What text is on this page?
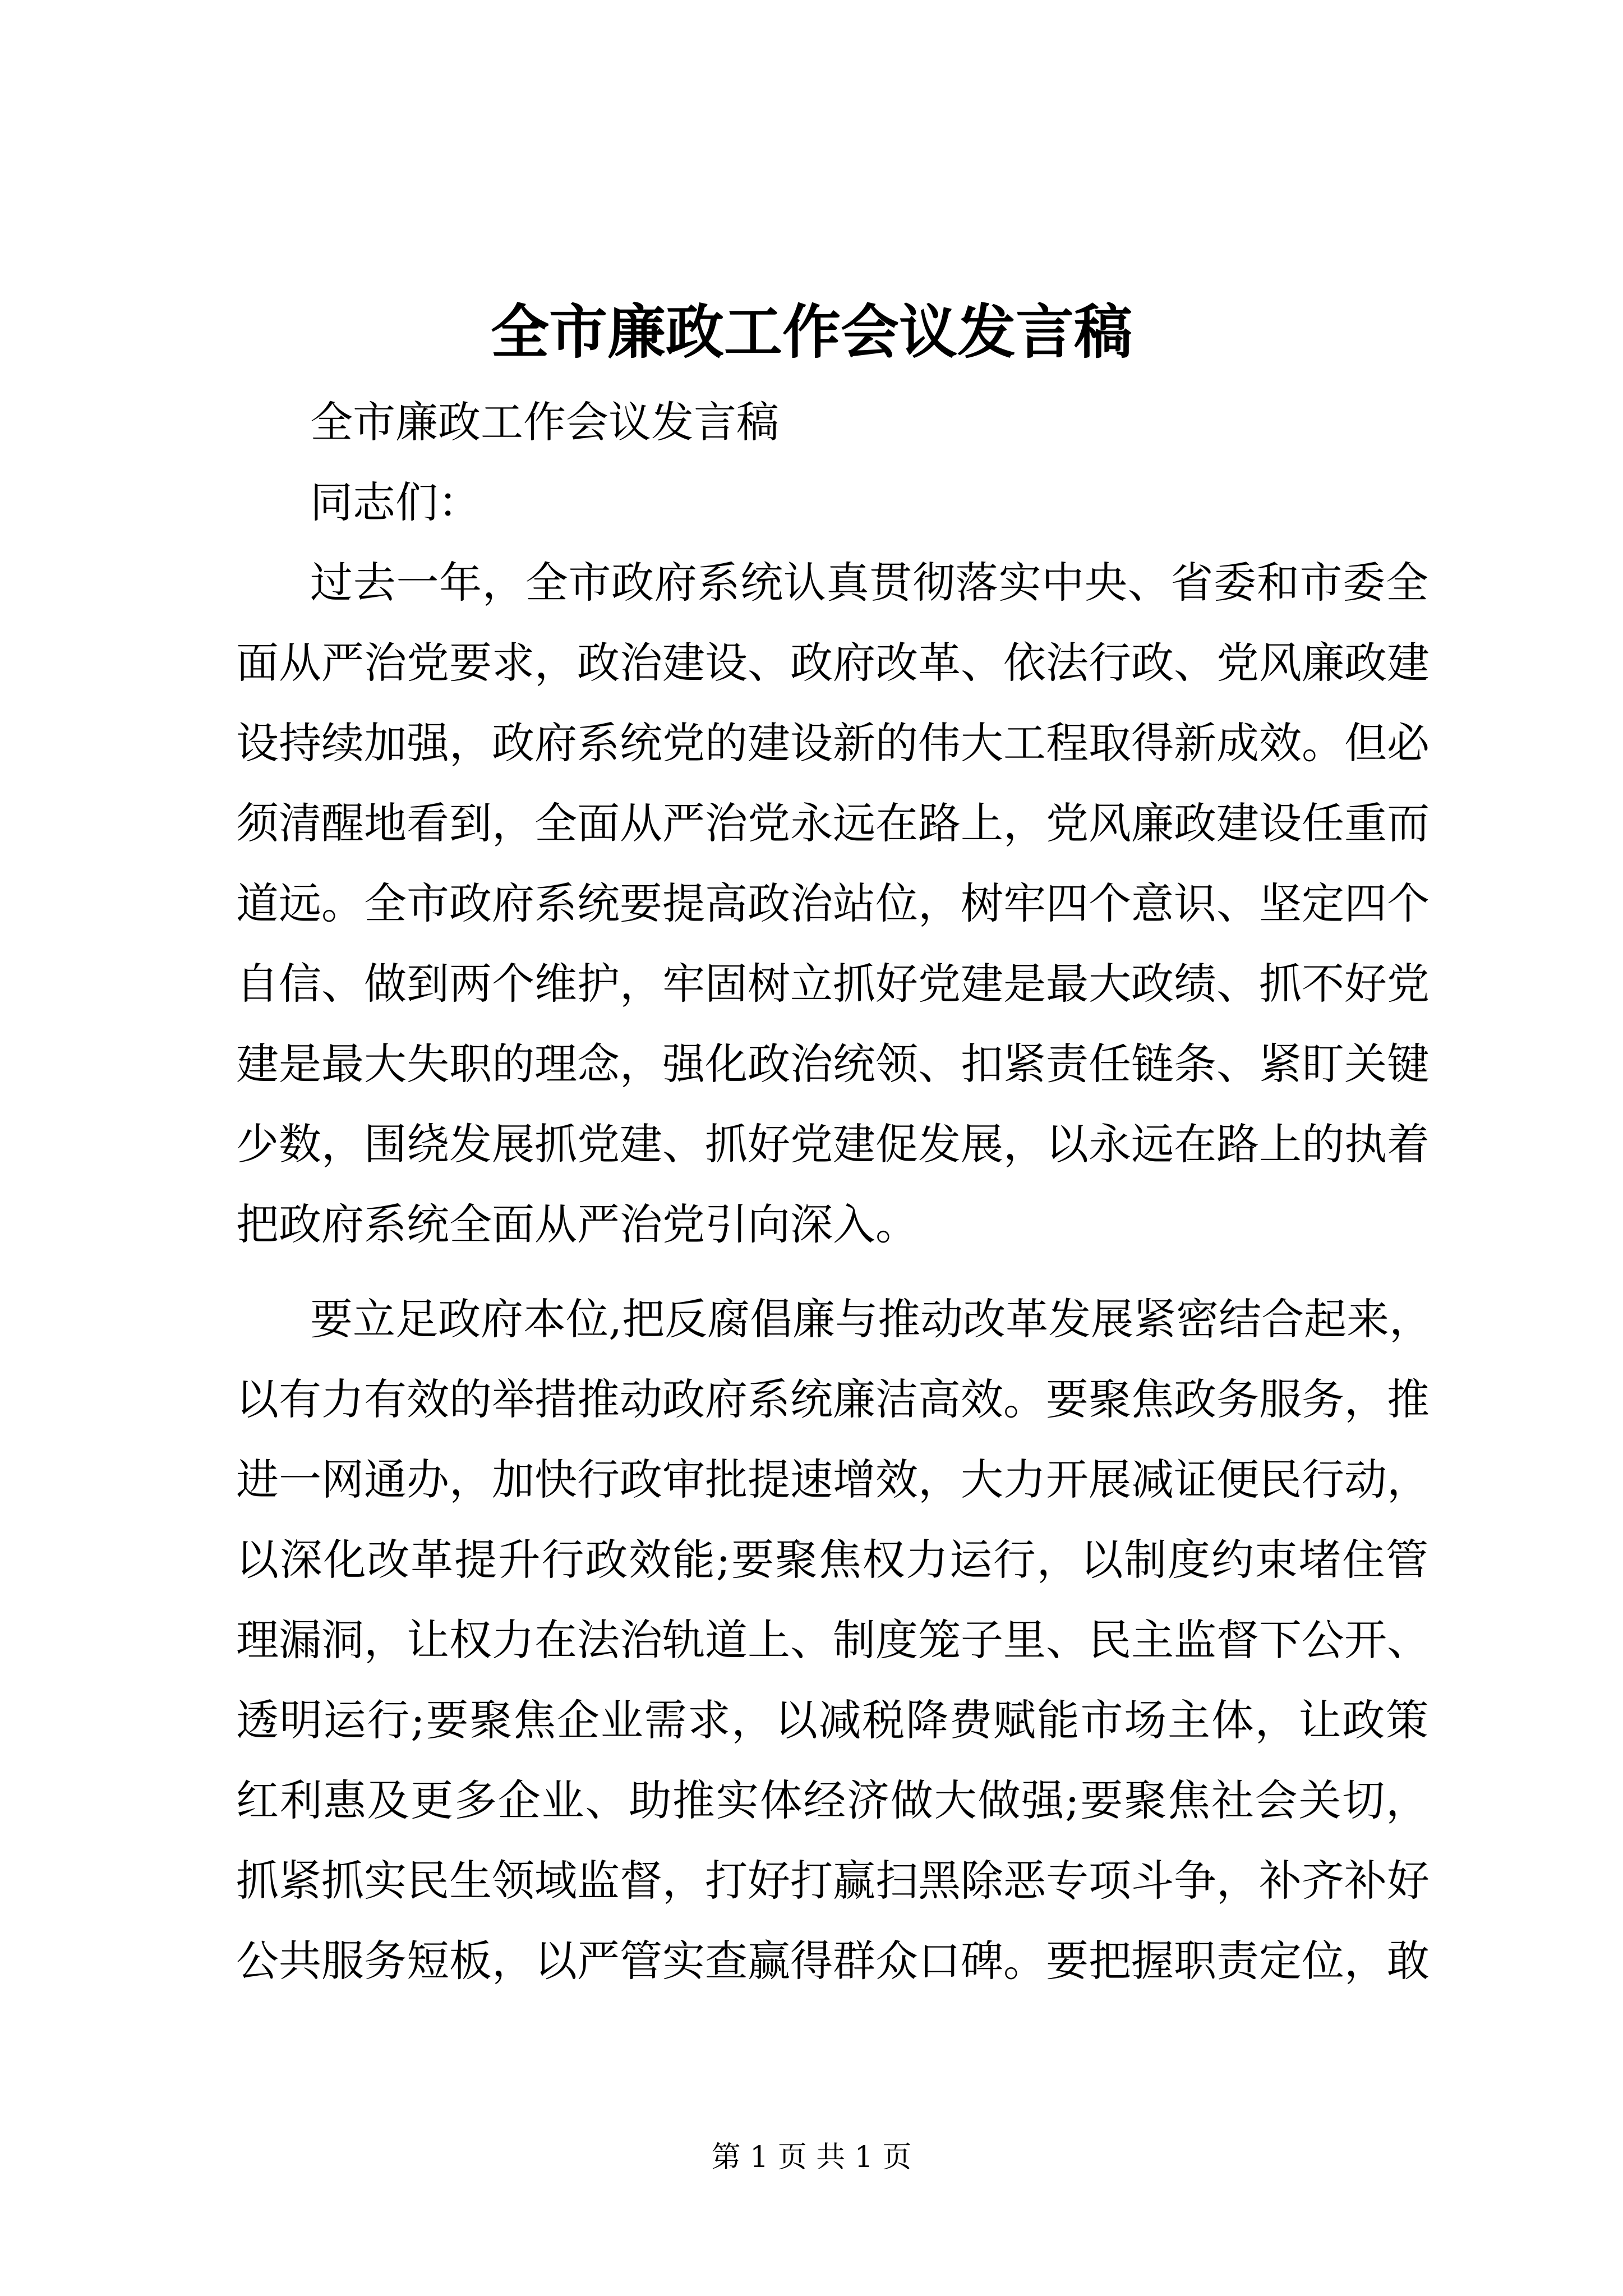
全市廉政工作会议发言稿
全市廉政工作会议发言稿
同志们：
过去一年，全市政府系统认真贯彻落实中央、省委和市委全
面从严治党要求，政治建设、政府改革、依法行政、党风廉政建
设持续加强，政府系统党的建设新的伟大工程取得新成效。但必
须清醒地看到，全面从严治党永远在路上，党风廉政建设任重而
道远。全市政府系统要提高政治站位，树牢四个意识、坚定四个
自信、做到两个维护，牢固树立抓好党建是最大政绩、抓不好党
建是最大失职的理念，强化政治统领、扣紧责任链条、紧盯关键
少数，围绕发展抓党建、抓好党建促发展，以永远在路上的执着
把政府系统全面从严治党引向深入。
要立足政府本位,把反腐倡廉与推动改革发展紧密结合起来，
以有力有效的举措推动政府系统廉洁高效。要聚焦政务服务，推
进一网通办，加快行政审批提速增效，大力开展减证便民行动，
以深化改革提升行政效能;要聚焦权力运行，以制度约束堵住管
理漏洞，让权力在法治轨道上、制度笼子里、民主监督下公开、
透明运行;要聚焦企业需求，以减税降费赋能市场主体，让政策
红利惠及更多企业、助推实体经济做大做强;要聚焦社会关切，
抓紧抓实民生领域监督，打好打赢扫黑除恶专项斗争，补齐补好
公共服务短板，以严管实查赢得群众口碑。要把握职责定位，敢
第 1 页 共 1 页
